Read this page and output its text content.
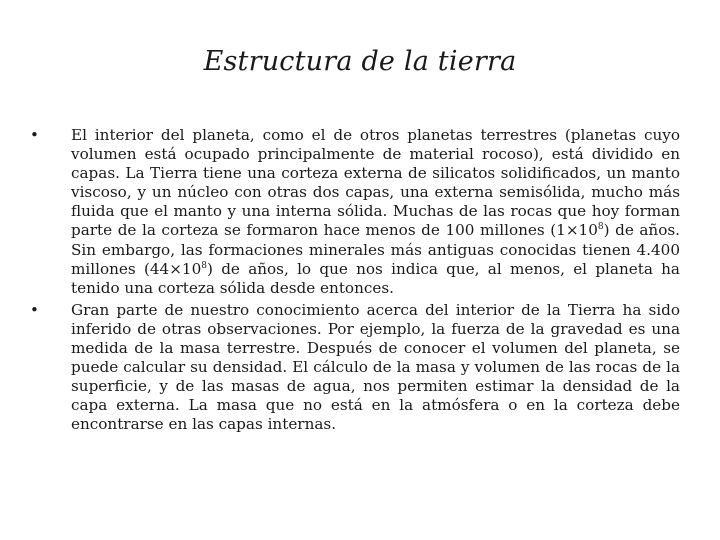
Estructura de la tierra
• El interior del planeta, como el de otros planetas terrestres (planetas cuyo volumen está ocupado principalmente de material rocoso), está dividido en capas. La Tierra tiene una corteza externa de silicatos solidificados, un manto viscoso, y un núcleo con otras dos capas, una externa semisólida, mucho más fluida que el manto y una interna sólida. Muchas de las rocas que hoy forman parte de la corteza se formaron hace menos de 100 millones $(1\times 10^8)$ de años. Sin embargo, las formaciones minerales más antiguas conocidas tienen 4.400 millones $(44\times 10^8)$ de años, lo que nos indica que, al menos, el planeta ha tenido una corteza sólida desde entonces.
• Gran parte de nuestro conocimiento acerca del interior de la Tierra ha sido inferido de otras observaciones. Por ejemplo, la fuerza de la gravedad es una medida de la masa terrestre. Después de conocer el volumen del planeta, se puede calcular su densidad. El cálculo de la masa y volumen de las rocas de la superficie, y de las masas de agua, nos permiten estimar la densidad de la capa externa. La masa que no está en la atmósfera o en la corteza debe encontrarse en las capas internas.
